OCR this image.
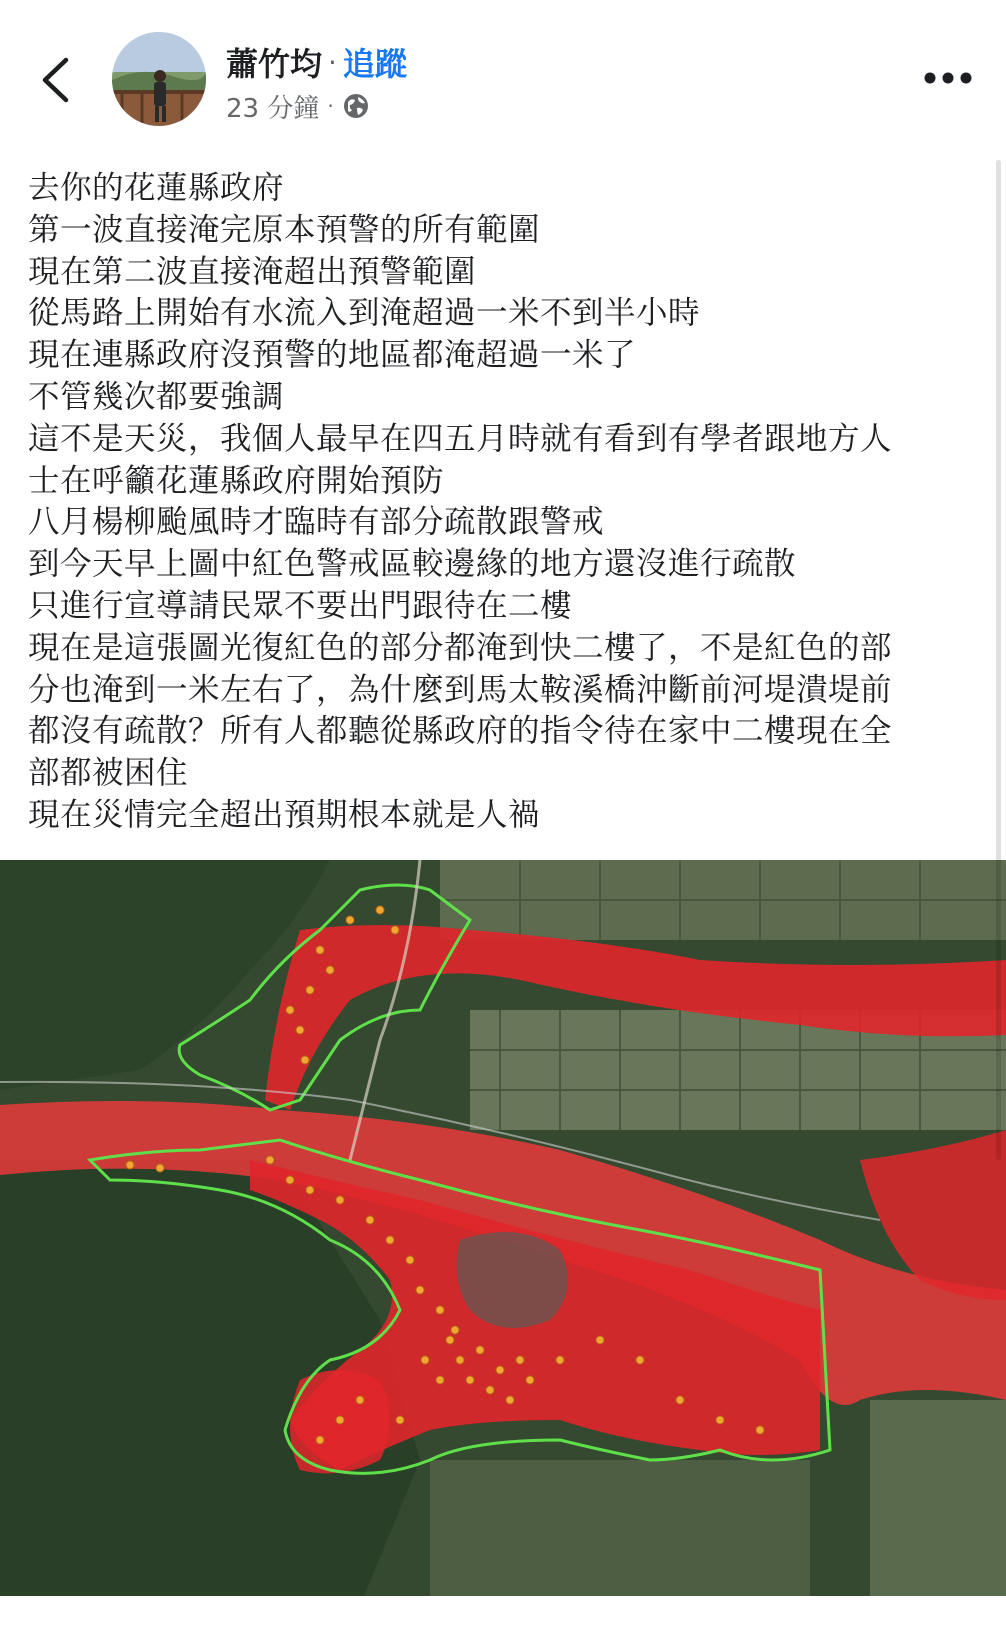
蕭竹均 · 追蹤
23 分鐘 ·
去你的花蓮縣政府
第一波直接淹完原本預警的所有範圍
現在第二波直接淹超出預警範圍
從馬路上開始有水流入到淹超過一米不到半小時
現在連縣政府沒預警的地區都淹超過一米了
不管幾次都要強調
這不是天災，我個人最早在四五月時就有看到有學者跟地方人
士在呼籲花蓮縣政府開始預防
八月楊柳颱風時才臨時有部分疏散跟警戒
到今天早上圖中紅色警戒區較邊緣的地方還沒進行疏散
只進行宣導請民眾不要出門跟待在二樓
現在是這張圖光復紅色的部分都淹到快二樓了，不是紅色的部
分也淹到一米左右了，為什麼到馬太鞍溪橋沖斷前河堤潰堤前
都沒有疏散？所有人都聽從縣政府的指令待在家中二樓現在全
部都被困住
現在災情完全超出預期根本就是人禍
